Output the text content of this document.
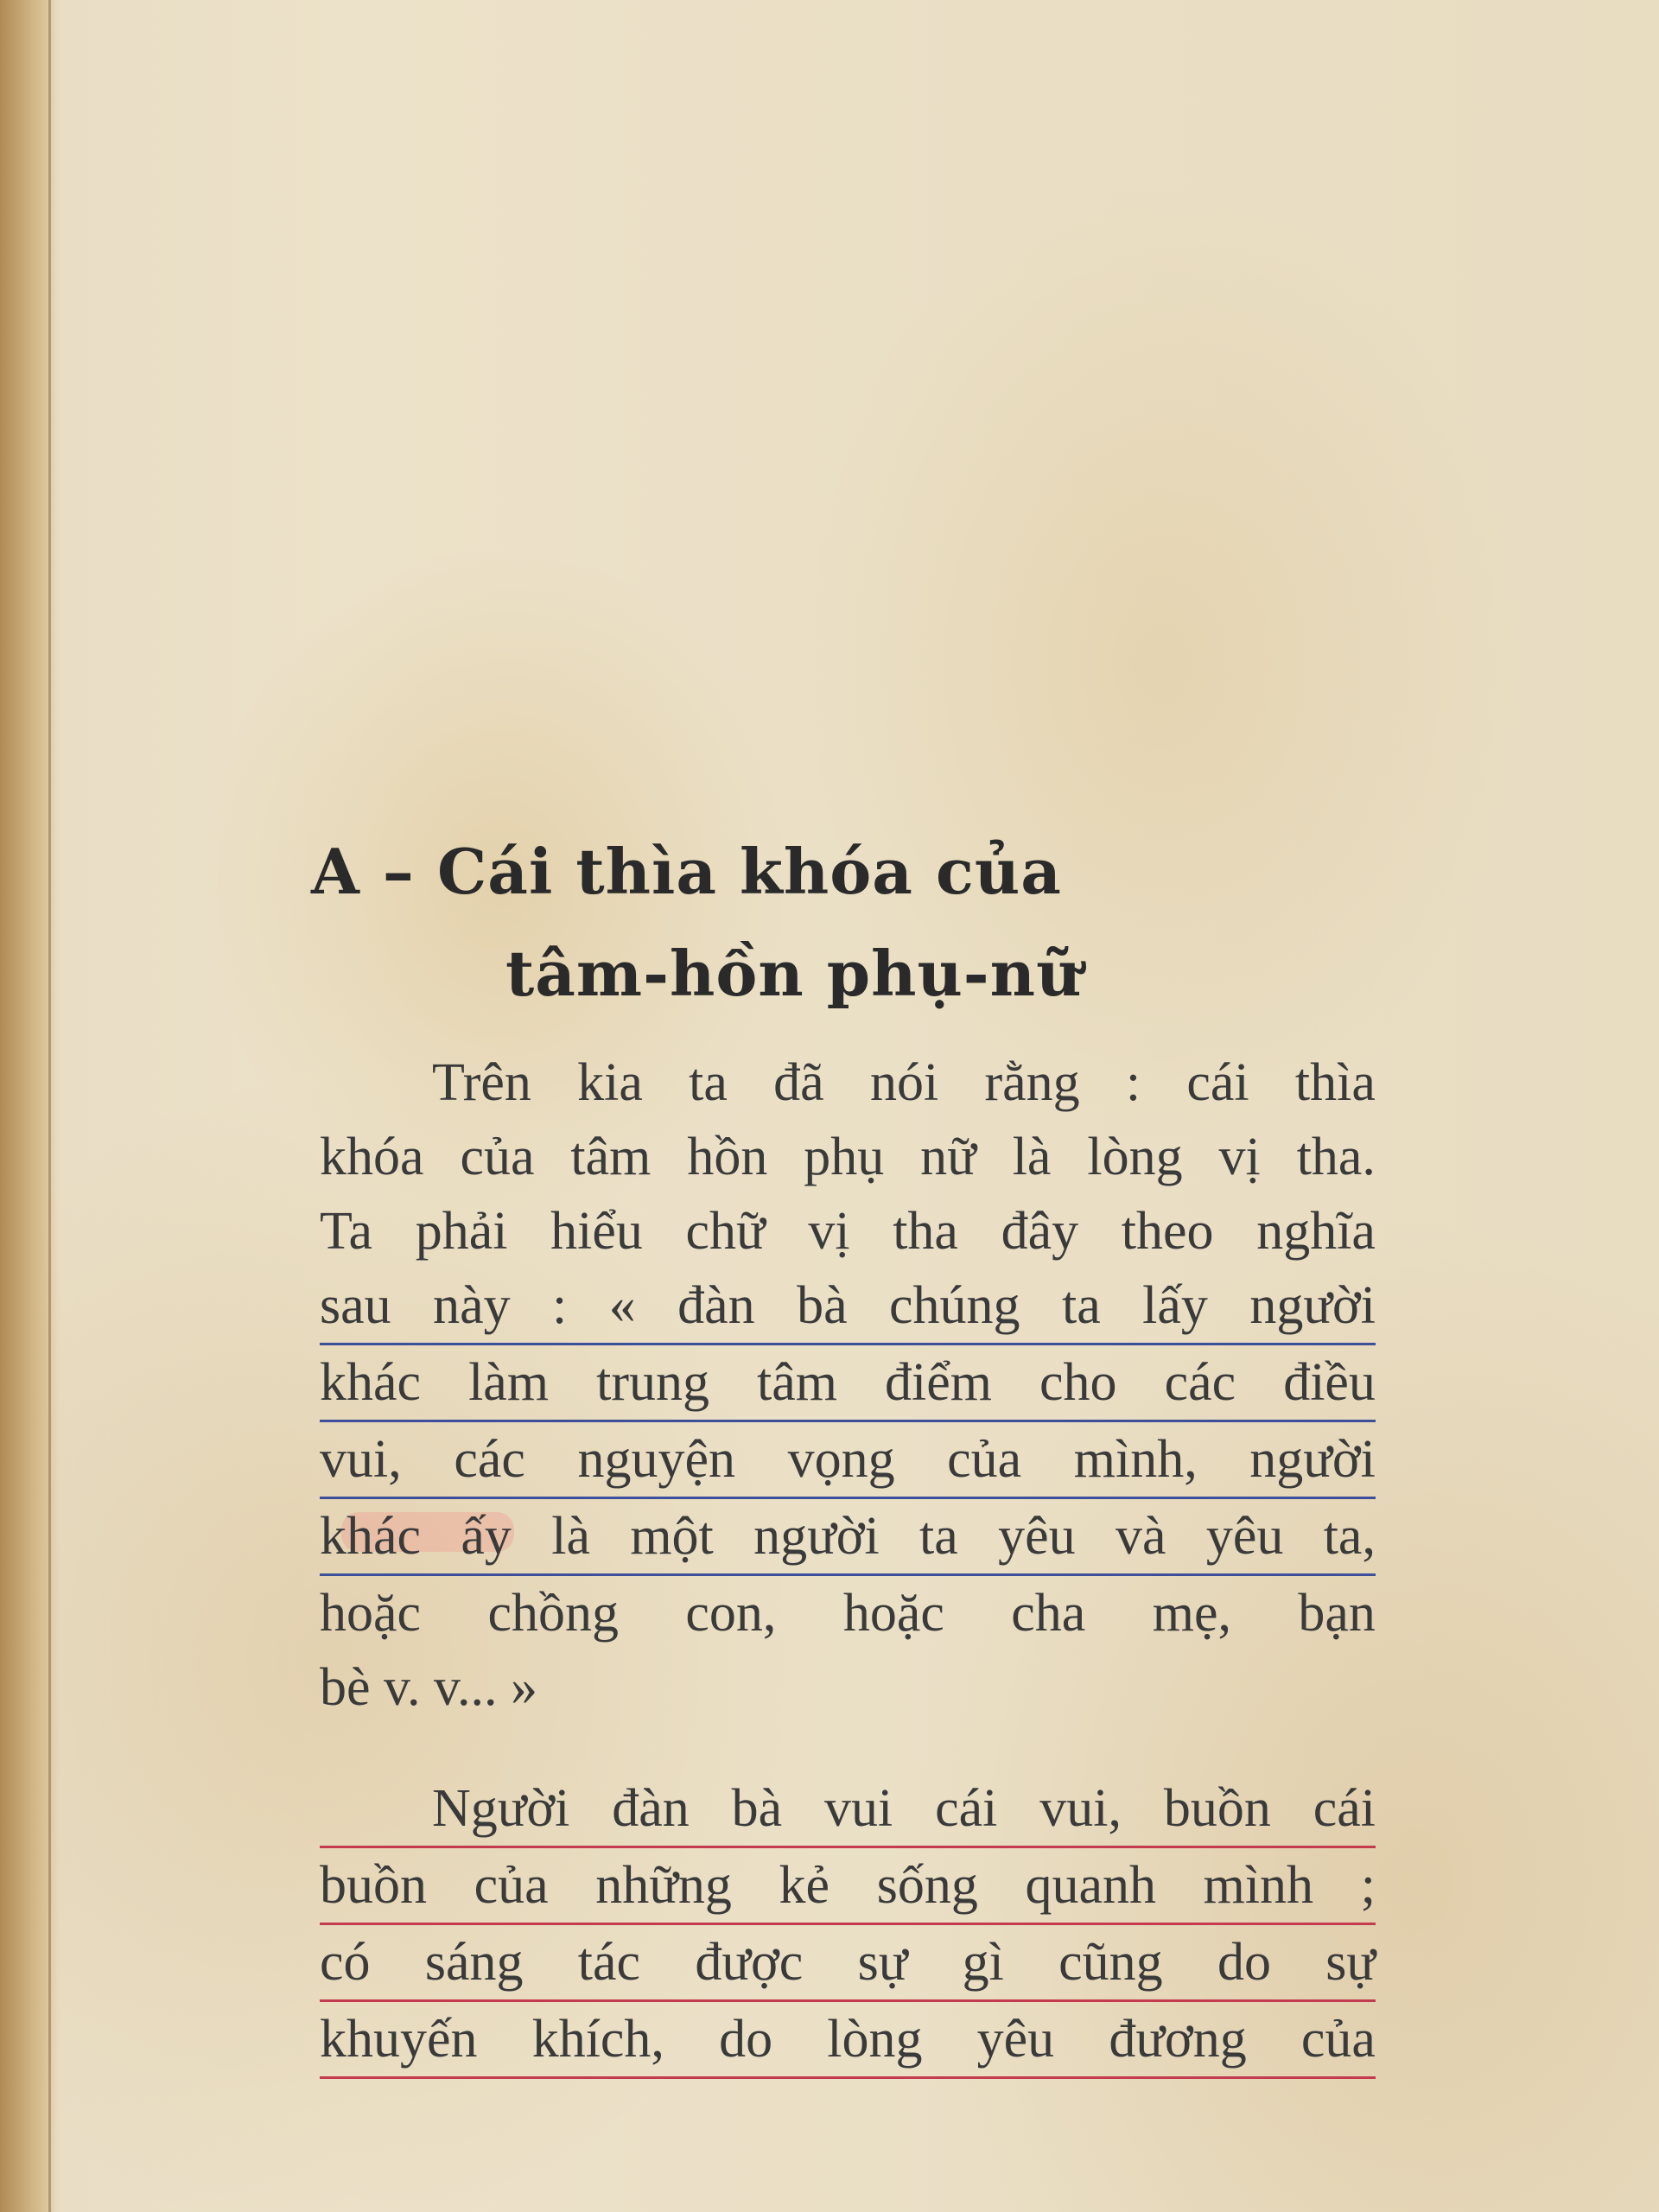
A – Cái thìa khóa của
tâm-hồn phụ-nữ
Trên kia ta đã nói rằng : cái thìa
khóa của tâm hồn phụ nữ là lòng vị tha.
Ta phải hiểu chữ vị tha đây theo nghĩa
sau này : « đàn bà chúng ta lấy người
khác làm trung tâm điểm cho các điều
vui, các nguyện vọng của mình, người
khác ấy là một người ta yêu và yêu ta,
hoặc chồng con, hoặc cha mẹ, bạn
bè v. v... »
Người đàn bà vui cái vui, buồn cái
buồn của những kẻ sống quanh mình ;
có sáng tác được sự gì cũng do sự
khuyến khích, do lòng yêu đương của
